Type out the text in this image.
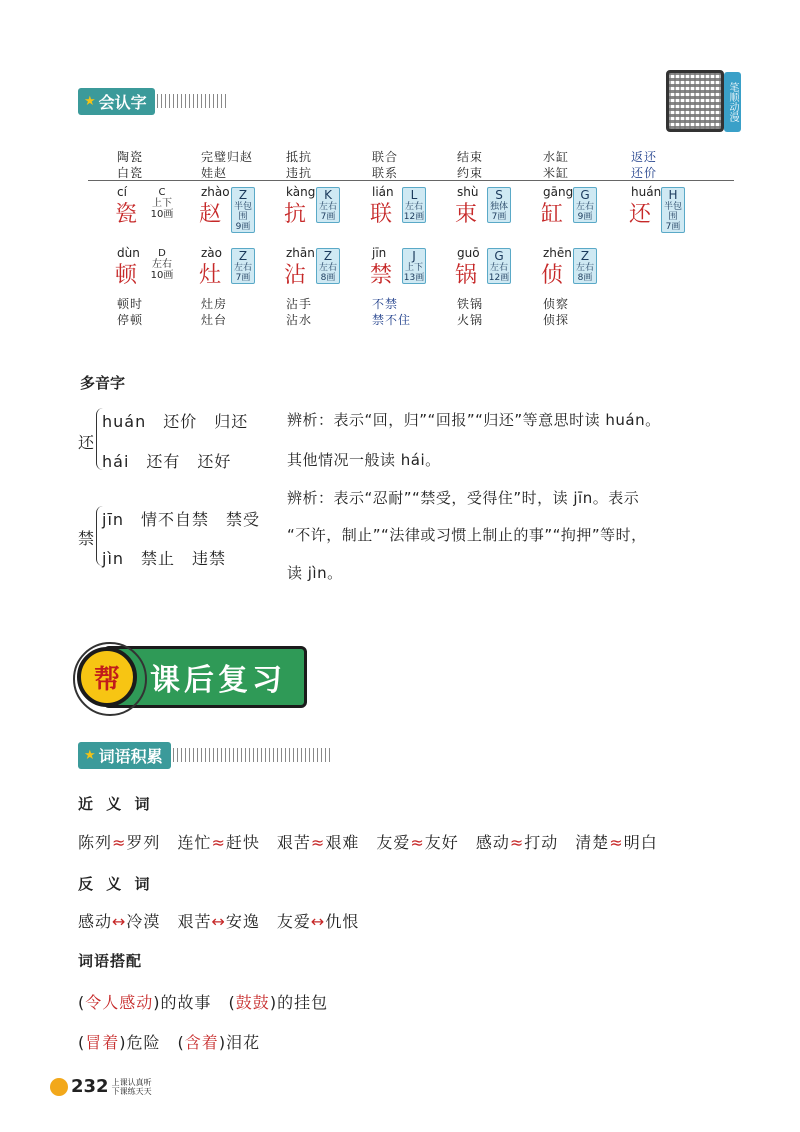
★ 会认字	笔顺动漫
陶瓷
白瓷
完璧归赵
娃赵
抵抗
违抗
联合
联系
结束
约束
水缸
米缸
返还
还价
cí
瓷
C
上下
10画
zhào
赵
Z
半包围
9画
kàng
抗
K
左右
7画
lián
联
L
左右
12画
shù
束
S
独体
7画
gāng
缸
G
左右
9画
huán
还
H
半包围
7画
dùn
顿
D
左右
10画
zào
灶
Z
左右
7画
zhān
沾
Z
左右
8画
jīn
禁
J
上下
13画
guō
锅
G
左右
12画
zhēn
侦
Z
左右
8画
顿时
停顿
灶房
灶台
沾手
沾水
不禁
禁不住
铁锅
火锅
侦察
侦探
多音字
还
huán　还价　归还
hái　还有　还好
辨析：表示“回，归”“回报”“归还”等意思时读 huán。
其他情况一般读 hái。
禁
jīn　情不自禁　禁受
jìn　禁止　违禁
辨析：表示“忍耐”“禁受，受得住”时，读 jīn。表示
“不许，制止”“法律或习惯上制止的事”“拘押”等时，
读 jìn。
帮	课后复习
★ 词语积累
近 义 词
陈列≈罗列　 连忙≈赶快　 艰苦≈艰难　 友爱≈友好　 感动≈打动　 清楚≈明白
反 义 词
感动↔冷漠　 艰苦↔安逸　 友爱↔仇恨
词语搭配
(令人感动)的故事　 (鼓鼓)的挂包
(冒着)危险　 (含着)泪花
232 上课认真听
下课练天天
